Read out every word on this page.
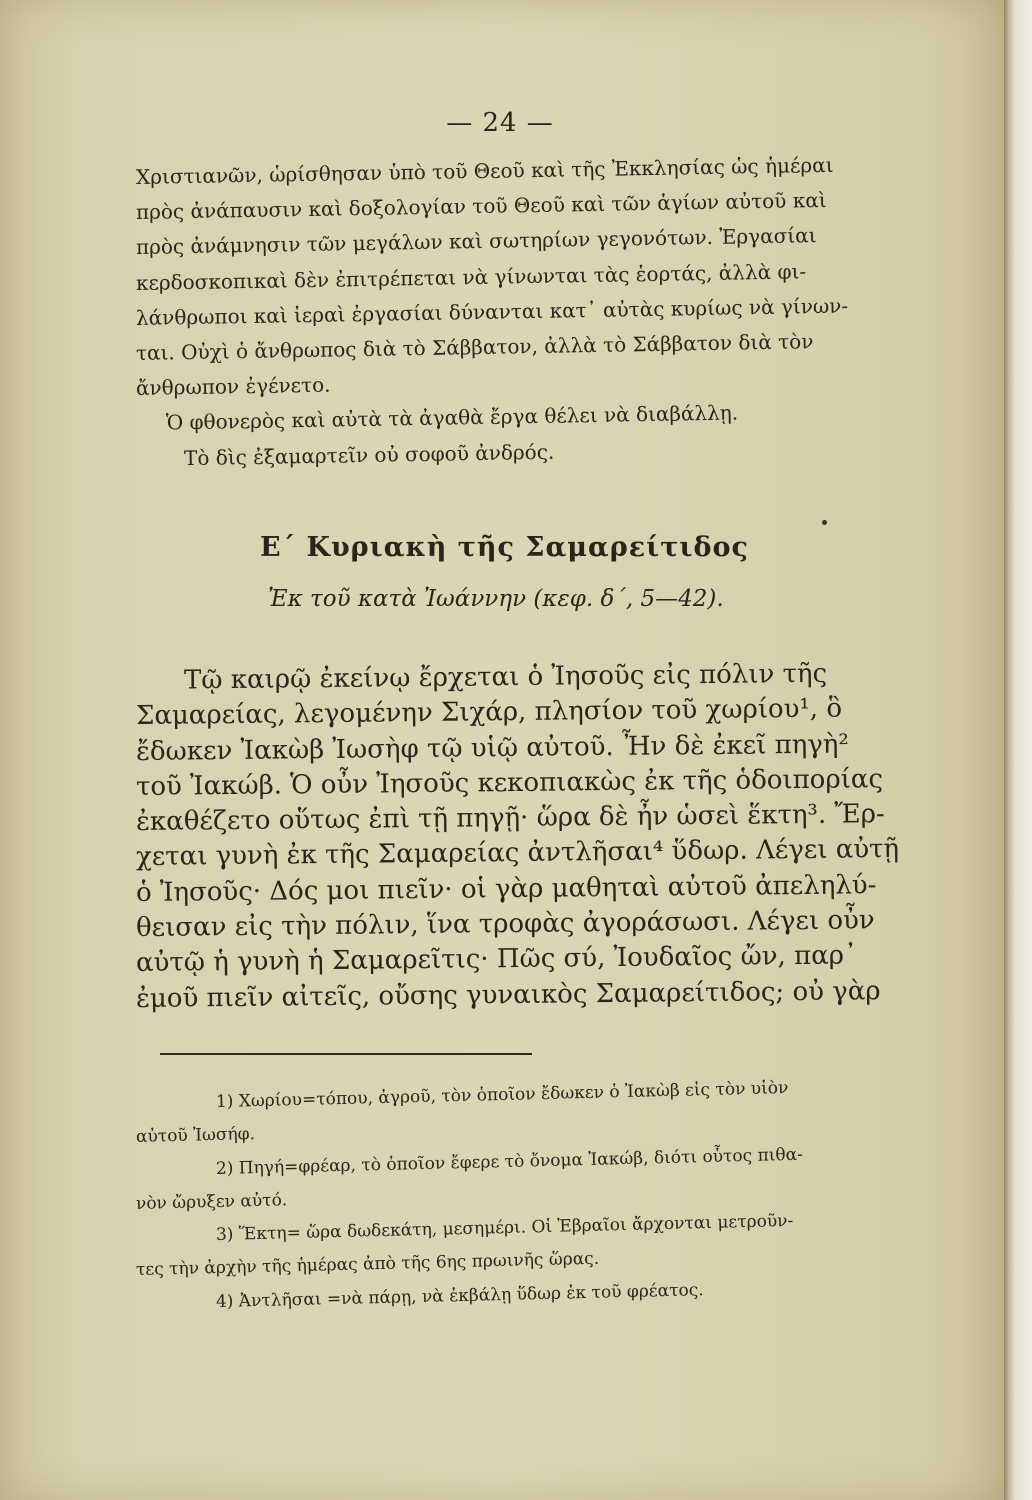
— 24 —
Χριστιανῶν, ὡρίσθησαν ὑπὸ τοῦ Θεοῦ καὶ τῆς Ἐκκλησίας ὡς ἡμέραι
πρὸς ἀνάπαυσιν καὶ δοξολογίαν τοῦ Θεοῦ καὶ τῶν ἁγίων αὐτοῦ καὶ
πρὸς ἀνάμνησιν τῶν μεγάλων καὶ σωτηρίων γεγονότων. Ἐργασίαι
κερδοσκοπικαὶ δὲν ἐπιτρέπεται νὰ γίνωνται τὰς ἑορτάς, ἀλλὰ φι-
λάνθρωποι καὶ ἱεραὶ ἐργασίαι δύνανται κατ᾽ αὐτὰς κυρίως νὰ γίνων-
ται. Οὐχὶ ὁ ἄνθρωπος διὰ τὸ Σάββατον, ἀλλὰ τὸ Σάββατον διὰ τὸν
ἄνθρωπον ἐγένετο.
Ὁ φθονερὸς καὶ αὐτὰ τὰ ἀγαθὰ ἔργα θέλει νὰ διαβάλλῃ.
Τὸ δὶς ἐξαμαρτεῖν οὐ σοφοῦ ἀνδρός.
Ε΄ Κυριακὴ τῆς Σαμαρείτιδος
Ἐκ τοῦ κατὰ Ἰωάννην (κεφ. δ΄, 5—42).
Τῷ καιρῷ ἐκείνῳ ἔρχεται ὁ Ἰησοῦς εἰς πόλιν τῆς
Σαμαρείας, λεγομένην Σιχάρ, πλησίον τοῦ χωρίου¹, ὃ
ἔδωκεν Ἰακὼβ Ἰωσὴφ τῷ υἱῷ αὐτοῦ. Ἦν δὲ ἐκεῖ πηγὴ²
τοῦ Ἰακώβ. Ὁ οὖν Ἰησοῦς κεκοπιακὼς ἐκ τῆς ὁδοιπορίας
ἐκαθέζετο οὕτως ἐπὶ τῇ πηγῇ· ὥρα δὲ ἦν ὡσεὶ ἕκτη³. Ἔρ-
χεται γυνὴ ἐκ τῆς Σαμαρείας ἀντλῆσαι⁴ ὕδωρ. Λέγει αὐτῇ
ὁ Ἰησοῦς· Δός μοι πιεῖν· οἱ γὰρ μαθηταὶ αὐτοῦ ἀπεληλύ-
θεισαν εἰς τὴν πόλιν, ἵνα τροφὰς ἀγοράσωσι. Λέγει οὖν
αὐτῷ ἡ γυνὴ ἡ Σαμαρεῖτις· Πῶς σύ, Ἰουδαῖος ὤν, παρ᾽
ἐμοῦ πιεῖν αἰτεῖς, οὔσης γυναικὸς Σαμαρείτιδος; οὐ γὰρ
1) Χωρίου=τόπου, ἀγροῦ, τὸν ὁποῖον ἔδωκεν ὁ Ἰακὼβ εἰς τὸν υἱὸν
αὐτοῦ Ἰωσήφ.
2) Πηγή=φρέαρ, τὸ ὁποῖον ἔφερε τὸ ὄνομα Ἰακώβ, διότι οὗτος πιθα-
νὸν ὤρυξεν αὐτό.
3) Ἕκτη= ὥρα δωδεκάτη, μεσημέρι. Οἱ Ἑβραῖοι ἄρχονται μετροῦν-
τες τὴν ἀρχὴν τῆς ἡμέρας ἀπὸ τῆς 6ης πρωινῆς ὥρας.
4) Ἀντλῆσαι =νὰ πάρῃ, νὰ ἐκβάλῃ ὕδωρ ἐκ τοῦ φρέατος.
